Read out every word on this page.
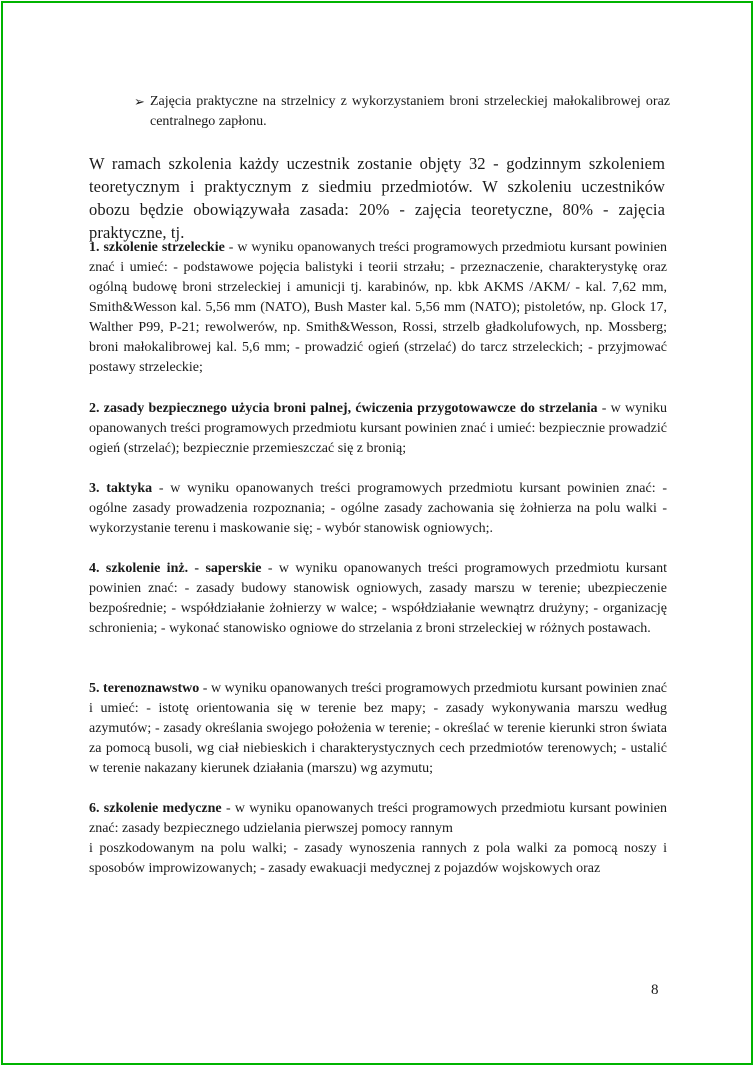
➢ Zajęcia praktyczne na strzelnicy z wykorzystaniem broni strzeleckiej małokalibrowej oraz centralnego zapłonu.
W ramach szkolenia każdy uczestnik zostanie objęty 32 - godzinnym szkoleniem teoretycznym i praktycznym z siedmiu przedmiotów. W szkoleniu uczestników obozu będzie obowiązywała zasada: 20% - zajęcia teoretyczne, 80% - zajęcia praktyczne, tj.
1. szkolenie strzeleckie - w wyniku opanowanych treści programowych przedmiotu kursant powinien znać i umieć: - podstawowe pojęcia balistyki i teorii strzału; - przeznaczenie, charakterystykę oraz ogólną budowę broni strzeleckiej i amunicji tj. karabinów, np. kbk AKMS /AKM/ - kal. 7,62 mm, Smith&Wesson kal. 5,56 mm (NATO), Bush Master kal. 5,56 mm (NATO); pistoletów, np. Glock 17, Walther P99, P-21; rewolwerów, np. Smith&Wesson, Rossi, strzelb gładkolufowych, np. Mossberg; broni małokalibrowej kal. 5,6 mm; - prowadzić ogień (strzelać) do tarcz strzeleckich; - przyjmować postawy strzeleckie;
2. zasady bezpiecznego użycia broni palnej, ćwiczenia przygotowawcze do strzelania - w wyniku opanowanych treści programowych przedmiotu kursant powinien znać i umieć: bezpiecznie prowadzić ogień (strzelać); bezpiecznie przemieszczać się z bronią;
3. taktyka - w wyniku opanowanych treści programowych przedmiotu kursant powinien znać: - ogólne zasady prowadzenia rozpoznania; - ogólne zasady zachowania się żołnierza na polu walki - wykorzystanie terenu i maskowanie się; - wybór stanowisk ogniowych;.
4. szkolenie inż. - saperskie - w wyniku opanowanych treści programowych przedmiotu kursant powinien znać: - zasady budowy stanowisk ogniowych, zasady marszu w terenie; ubezpieczenie bezpośrednie; - współdziałanie żołnierzy w walce; - współdziałanie wewnątrz drużyny; - organizację schronienia; - wykonać stanowisko ogniowe do strzelania z broni strzeleckiej w różnych postawach.
5. terenoznawstwo - w wyniku opanowanych treści programowych przedmiotu kursant powinien znać i umieć: - istotę orientowania się w terenie bez mapy; - zasady wykonywania marszu według azymutów; - zasady określania swojego położenia w terenie; - określać w terenie kierunki stron świata za pomocą busoli, wg ciał niebieskich i charakterystycznych cech przedmiotów terenowych; - ustalić w terenie nakazany kierunek działania (marszu) wg azymutu;
6. szkolenie medyczne - w wyniku opanowanych treści programowych przedmiotu kursant powinien znać: zasady bezpiecznego udzielania pierwszej pomocy rannym
i poszkodowanym na polu walki; - zasady wynoszenia rannych z pola walki za pomocą noszy i sposobów improwizowanych; - zasady ewakuacji medycznej z pojazdów wojskowych oraz
8
